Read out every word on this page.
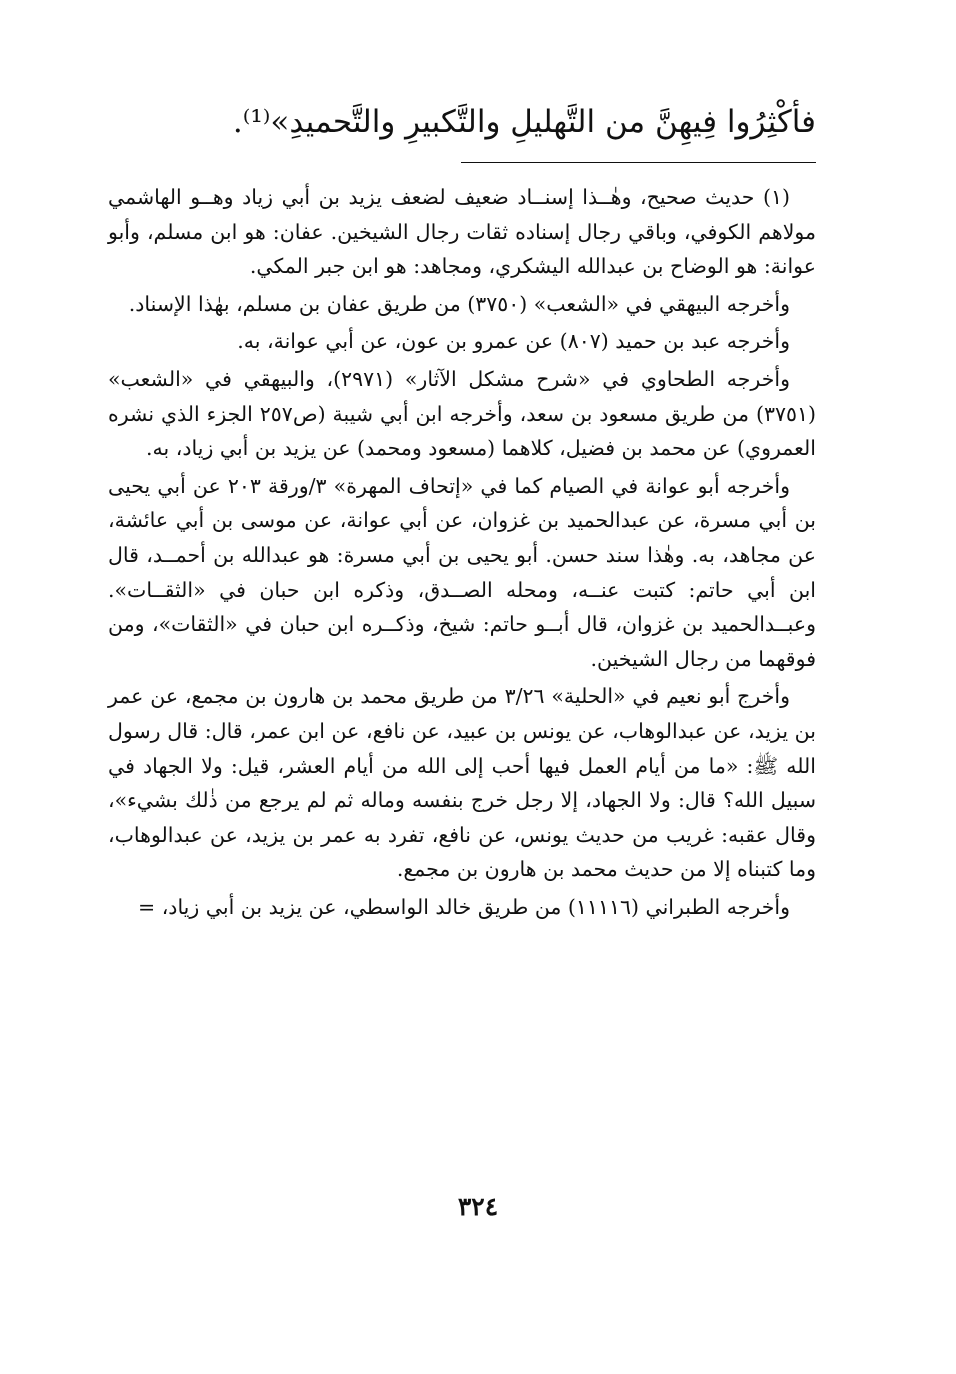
فأكْثِرُوا فِيهِنَّ من التَّهليلِ والتَّكبيرِ والتَّحميدِ»⁽¹⁾.

(١) حديث صحيح، وهٰــذا إسنــاد ضعيف لضعف يزيد بن أبي زياد وهــو الهاشمي مولاهم الكوفي، وباقي رجال إسناده ثقات رجال الشيخين. عفان: هو ابن مسلم، وأبو عوانة: هو الوضاح بن عبدالله اليشكري، ومجاهد: هو ابن جبر المكي.

وأخرجه البيهقي في «الشعب» (٣٧٥٠) من طريق عفان بن مسلم، بهٰذا الإسناد.

وأخرجه عبد بن حميد (٨٠٧) عن عمرو بن عون، عن أبي عوانة، به.

وأخرجه الطحاوي في «شرح مشكل الآثار» (٢٩٧١)، والبيهقي في «الشعب» (٣٧٥١) من طريق مسعود بن سعد، وأخرجه ابن أبي شيبة (ص٢٥٧ الجزء الذي نشره العمروي) عن محمد بن فضيل، كلاهما (مسعود ومحمد) عن يزيد بن أبي زياد، به.

وأخرجه أبو عوانة في الصيام كما في «إتحاف المهرة» ٣/ورقة ٢٠٣ عن أبي يحيى بن أبي مسرة، عن عبدالحميد بن غزوان، عن أبي عوانة، عن موسى بن أبي عائشة، عن مجاهد، به. وهٰذا سند حسن. أبو يحيى بن أبي مسرة: هو عبدالله بن أحمــد، قال ابن أبي حاتم: كتبت عنــه، ومحله الصــدق، وذكره ابن حبان في «الثقــات». وعبــدالحميد بن غزوان، قال أبــو حاتم: شيخ، وذكــره ابن حبان في «الثقات»، ومن فوقهما من رجال الشيخين.

وأخرج أبو نعيم في «الحلية» ٣/٢٦ من طريق محمد بن هارون بن مجمع، عن عمر بن يزيد، عن عبدالوهاب، عن يونس بن عبيد، عن نافع، عن ابن عمر، قال: قال رسول الله ﷺ: «ما من أيام العمل فيها أحب إلى الله من أيام العشر، قيل: ولا الجهاد في سبيل الله؟ قال: ولا الجهاد، إلا رجل خرج بنفسه وماله ثم لم يرجع من ذٰلك بشيء»، وقال عقبه: غريب من حديث يونس، عن نافع، تفرد به عمر بن يزيد، عن عبدالوهاب، وما كتبناه إلا من حديث محمد بن هارون بن مجمع.

وأخرجه الطبراني (١١١١٦) من طريق خالد الواسطي، عن يزيد بن أبي زياد، =

٣٢٤
